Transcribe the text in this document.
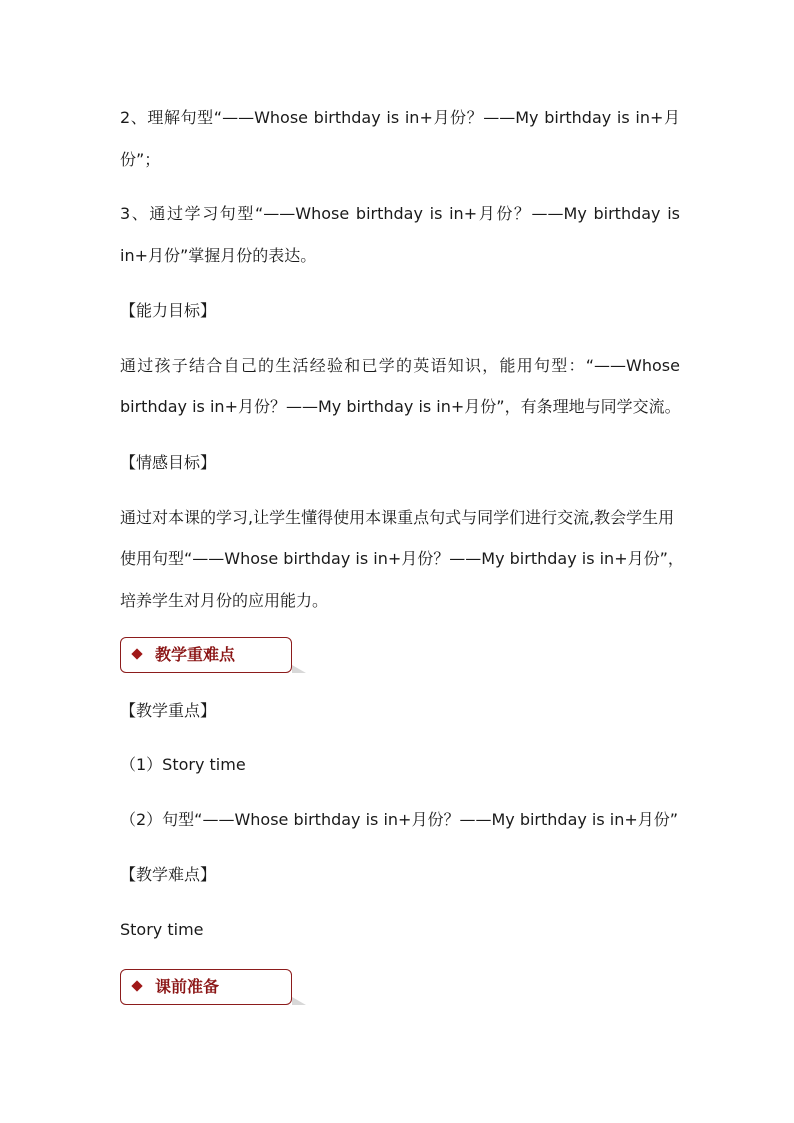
2、理解句型“——Whose birthday is in+月份？——My birthday is in+月
份”；
3、通过学习句型“——Whose birthday is in+月份？——My birthday is
in+月份”掌握月份的表达。
【能力目标】
通过孩子结合自己的生活经验和已学的英语知识，能用句型：“——Whose
birthday is in+月份？——My birthday is in+月份”，有条理地与同学交流。
【情感目标】
通过对本课的学习,让学生懂得使用本课重点句式与同学们进行交流,教会学生用
使用句型“——Whose birthday is in+月份？——My birthday is in+月份”，
培养学生对月份的应用能力。
教学重难点
【教学重点】
（1）Story time
（2）句型“——Whose birthday is in+月份？——My birthday is in+月份”
【教学难点】
Story time
课前准备
